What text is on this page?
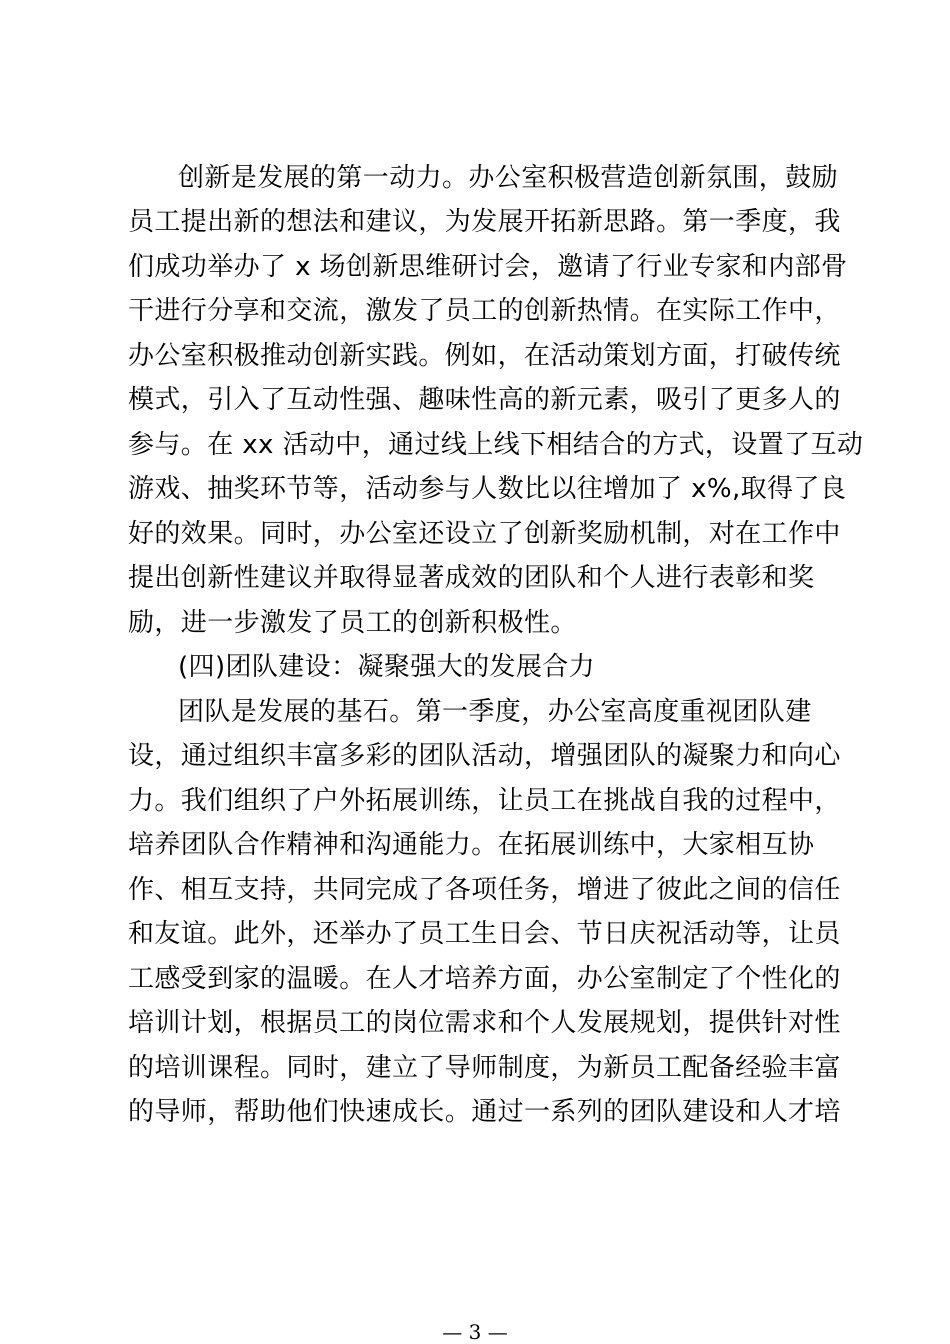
创新是发展的第一动力。办公室积极营造创新氛围，鼓励
员工提出新的想法和建议，为发展开拓新思路。第一季度，我
们成功举办了 x 场创新思维研讨会，邀请了行业专家和内部骨
干进行分享和交流，激发了员工的创新热情。在实际工作中，
办公室积极推动创新实践。例如，在活动策划方面，打破传统
模式，引入了互动性强、趣味性高的新元素，吸引了更多人的
参与。在 xx 活动中，通过线上线下相结合的方式，设置了互动
游戏、抽奖环节等，活动参与人数比以往增加了 x%,取得了良
好的效果。同时，办公室还设立了创新奖励机制，对在工作中
提出创新性建议并取得显著成效的团队和个人进行表彰和奖
励，进一步激发了员工的创新积极性。
(四)团队建设：凝聚强大的发展合力
团队是发展的基石。第一季度，办公室高度重视团队建
设，通过组织丰富多彩的团队活动，增强团队的凝聚力和向心
力。我们组织了户外拓展训练，让员工在挑战自我的过程中，
培养团队合作精神和沟通能力。在拓展训练中，大家相互协
作、相互支持，共同完成了各项任务，增进了彼此之间的信任
和友谊。此外，还举办了员工生日会、节日庆祝活动等，让员
工感受到家的温暖。在人才培养方面，办公室制定了个性化的
培训计划，根据员工的岗位需求和个人发展规划，提供针对性
的培训课程。同时，建立了导师制度，为新员工配备经验丰富
的导师，帮助他们快速成长。通过一系列的团队建设和人才培
— 3 —
